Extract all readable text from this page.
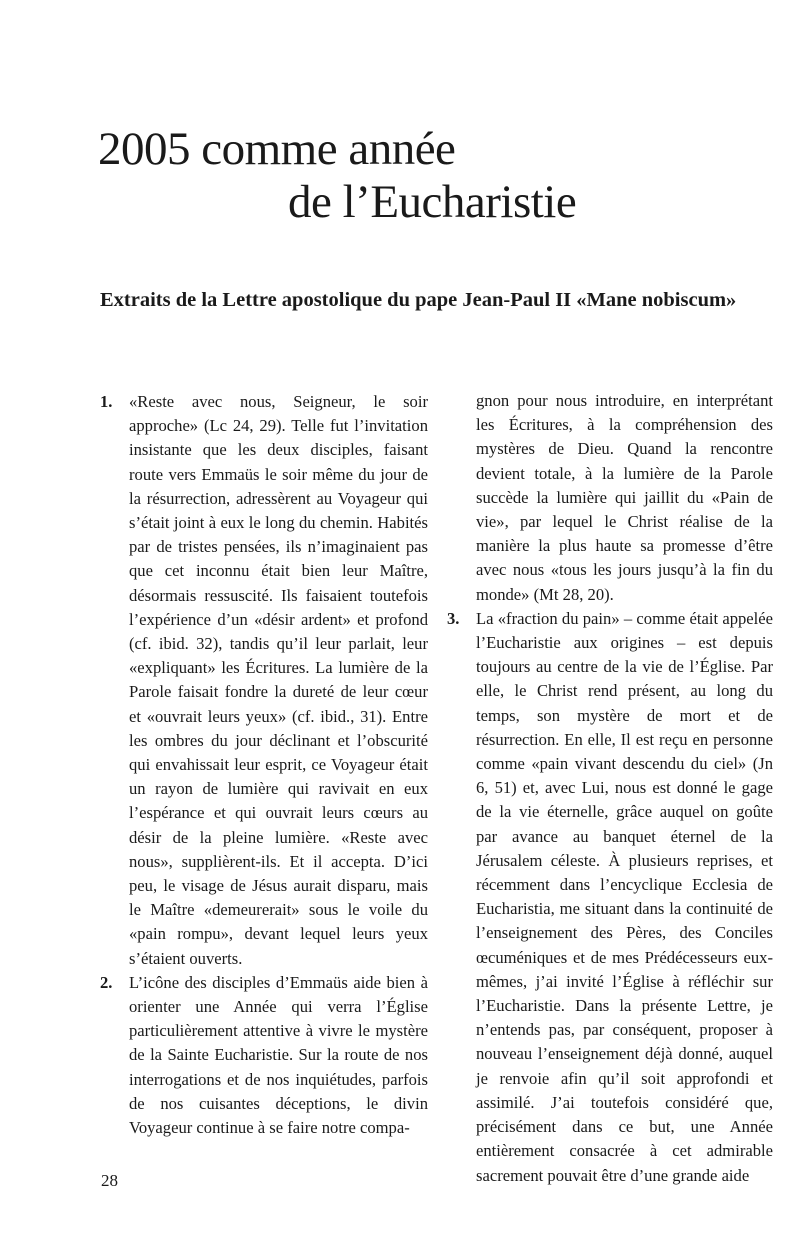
2005 comme année
de l’Eucharistie
Extraits de la Lettre apostolique du pape Jean-Paul II «Mane nobiscum»

1. «Reste avec nous, Seigneur, le soir approche» (Lc 24, 29). Telle fut l’invitation insistante que les deux disciples, faisant route vers Emmaüs le soir même du jour de la résurrection, adressèrent au Voyageur qui s’était joint à eux le long du chemin. Habités par de tristes pensées, ils n’imaginaient pas que cet inconnu était bien leur Maître, désormais ressuscité. Ils faisaient toutefois l’expérience d’un «désir ardent» et profond (cf. ibid. 32), tandis qu’il leur parlait, leur «expliquant» les Écritures. La lumière de la Parole faisait fondre la dureté de leur cœur et «ouvrait leurs yeux» (cf. ibid., 31). Entre les ombres du jour déclinant et l’obscurité qui envahissait leur esprit, ce Voyageur était un rayon de lumière qui ravivait en eux l’espérance et qui ouvrait leurs cœurs au désir de la pleine lumière. «Reste avec nous», supplièrent-ils. Et il accepta. D’ici peu, le visage de Jésus aurait disparu, mais le Maître «demeurerait» sous le voile du «pain rompu», devant lequel leurs yeux s’étaient ouverts.

2. L’icône des disciples d’Emmaüs aide bien à orienter une Année qui verra l’Église particulièrement attentive à vivre le mystère de la Sainte Eucharistie. Sur la route de nos interrogations et de nos inquiétudes, parfois de nos cuisantes déceptions, le divin Voyageur continue à se faire notre compa-

gnon pour nous introduire, en interprétant les Écritures, à la compréhension des mystères de Dieu. Quand la rencontre devient totale, à la lumière de la Parole succède la lumière qui jaillit du «Pain de vie», par lequel le Christ réalise de la manière la plus haute sa promesse d’être avec nous «tous les jours jusqu’à la fin du monde» (Mt 28, 20).

3. La «fraction du pain» – comme était appelée l’Eucharistie aux origines – est depuis toujours au centre de la vie de l’Église. Par elle, le Christ rend présent, au long du temps, son mystère de mort et de résurrection. En elle, Il est reçu en personne comme «pain vivant descendu du ciel» (Jn 6, 51) et, avec Lui, nous est donné le gage de la vie éternelle, grâce auquel on goûte par avance au banquet éternel de la Jérusalem céleste. À plusieurs reprises, et récemment dans l’encyclique Ecclesia de Eucharistia, me situant dans la continuité de l’enseignement des Pères, des Conciles œcuméniques et de mes Prédécesseurs eux-mêmes, j’ai invité l’Église à réfléchir sur l’Eucharistie. Dans la présente Lettre, je n’entends pas, par conséquent, proposer à nouveau l’enseignement déjà donné, auquel je renvoie afin qu’il soit approfondi et assimilé. J’ai toutefois considéré que, précisément dans ce but, une Année entièrement consacrée à cet admirable sacrement pouvait être d’une grande aide

28
